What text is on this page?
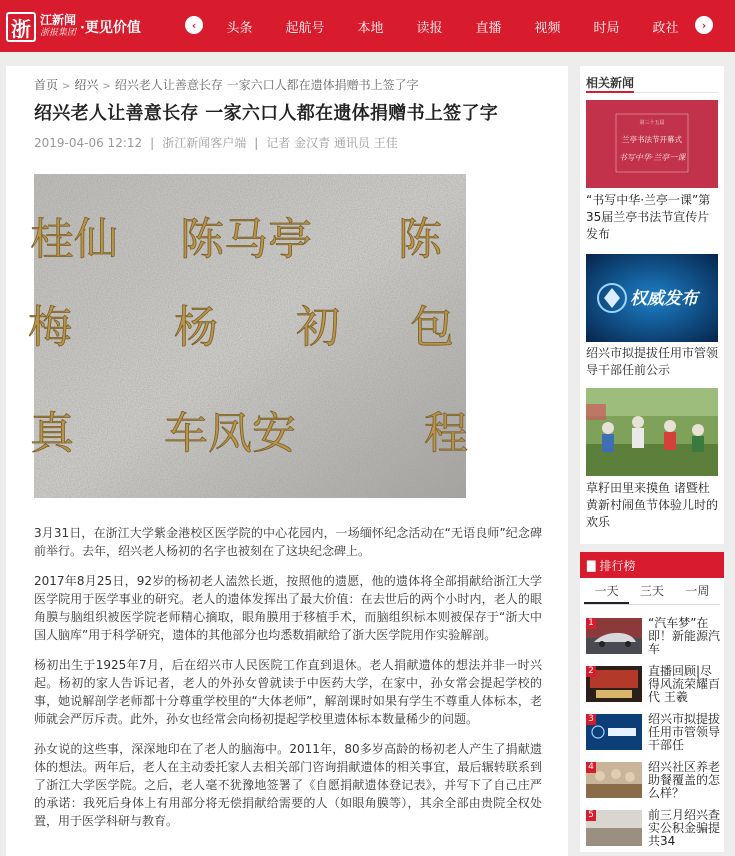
浙 江新闻
浙报集团 ·更见价值	‹	头条	起航号	本地	读报	直播	视频	时局	政社	›
首页 > 绍兴 > 绍兴老人让善意长存 一家六口人都在遗体捐赠书上签了字
绍兴老人让善意长存 一家六口人都在遗体捐赠书上签了字
2019-04-06 12:12 | 浙江新闻客户端 | 记者 金汉青 通讯员 王佳
桂仙 陈马亭 陈
梅 杨 初 包
真 车凤安	程

3月31日，在浙江大学紫金港校区医学院的中心花园内，一场缅怀纪念活动在“无语良师”纪念碑前举行。去年，绍兴老人杨初的名字也被刻在了这块纪念碑上。

2017年8月25日，92岁的杨初老人溘然长逝，按照他的遗愿，他的遗体将全部捐献给浙江大学医学院用于医学事业的研究。老人的遗体发挥出了最大价值：在去世后的两个小时内，老人的眼角膜与脑组织被医学院老师精心摘取，眼角膜用于移植手术，而脑组织标本则被保存于“浙大中国人脑库”用于科学研究，遗体的其他部分也均悉数捐献给了浙大医学院用作实验解剖。

杨初出生于1925年7月，后在绍兴市人民医院工作直到退休。老人捐献遗体的想法并非一时兴起。杨初的家人告诉记者，老人的外孙女曾就读于中医药大学，在家中，孙女常会提起学校的事，她说解剖学老师都十分尊重学校里的“大体老师”，解剖课时如果有学生不尊重人体标本，老师就会严厉斥责。此外，孙女也经常会向杨初提起学校里遗体标本数量稀少的问题。

孙女说的这些事，深深地印在了老人的脑海中。2011年，80多岁高龄的杨初老人产生了捐献遗体的想法。两年后，老人在主动委托家人去相关部门咨询捐献遗体的相关事宜，最后辗转联系到了浙江大学医学院。之后，老人毫不犹豫地签署了《自愿捐献遗体登记表》，并写下了自己庄严的承诺：我死后身体上有用部分将无偿捐献给需要的人（如眼角膜等），其余全部由贵院全权处置，用于医学科研与教育。

相关新闻
第三十五届
兰亭书法节开幕式
书写中华·兰亭一课
“书写中华·兰亭一课”第35届兰亭书法节宣传片发布
权威发布
绍兴市拟提拔任用市管领导干部任前公示
草籽田里来摸鱼 诸暨杜黄新村闹鱼节体验儿时的欢乐
▇ 排行榜
一天	三天	一周
1	“汽车梦”在即！新能源汽车
2	直播回顾|尽得风流荣耀百代 王羲
3	绍兴市拟提拔任用市管领导干部任
4	绍兴社区养老助餐覆盖的怎么样？
5	前三月绍兴查实公积金骗提共34
